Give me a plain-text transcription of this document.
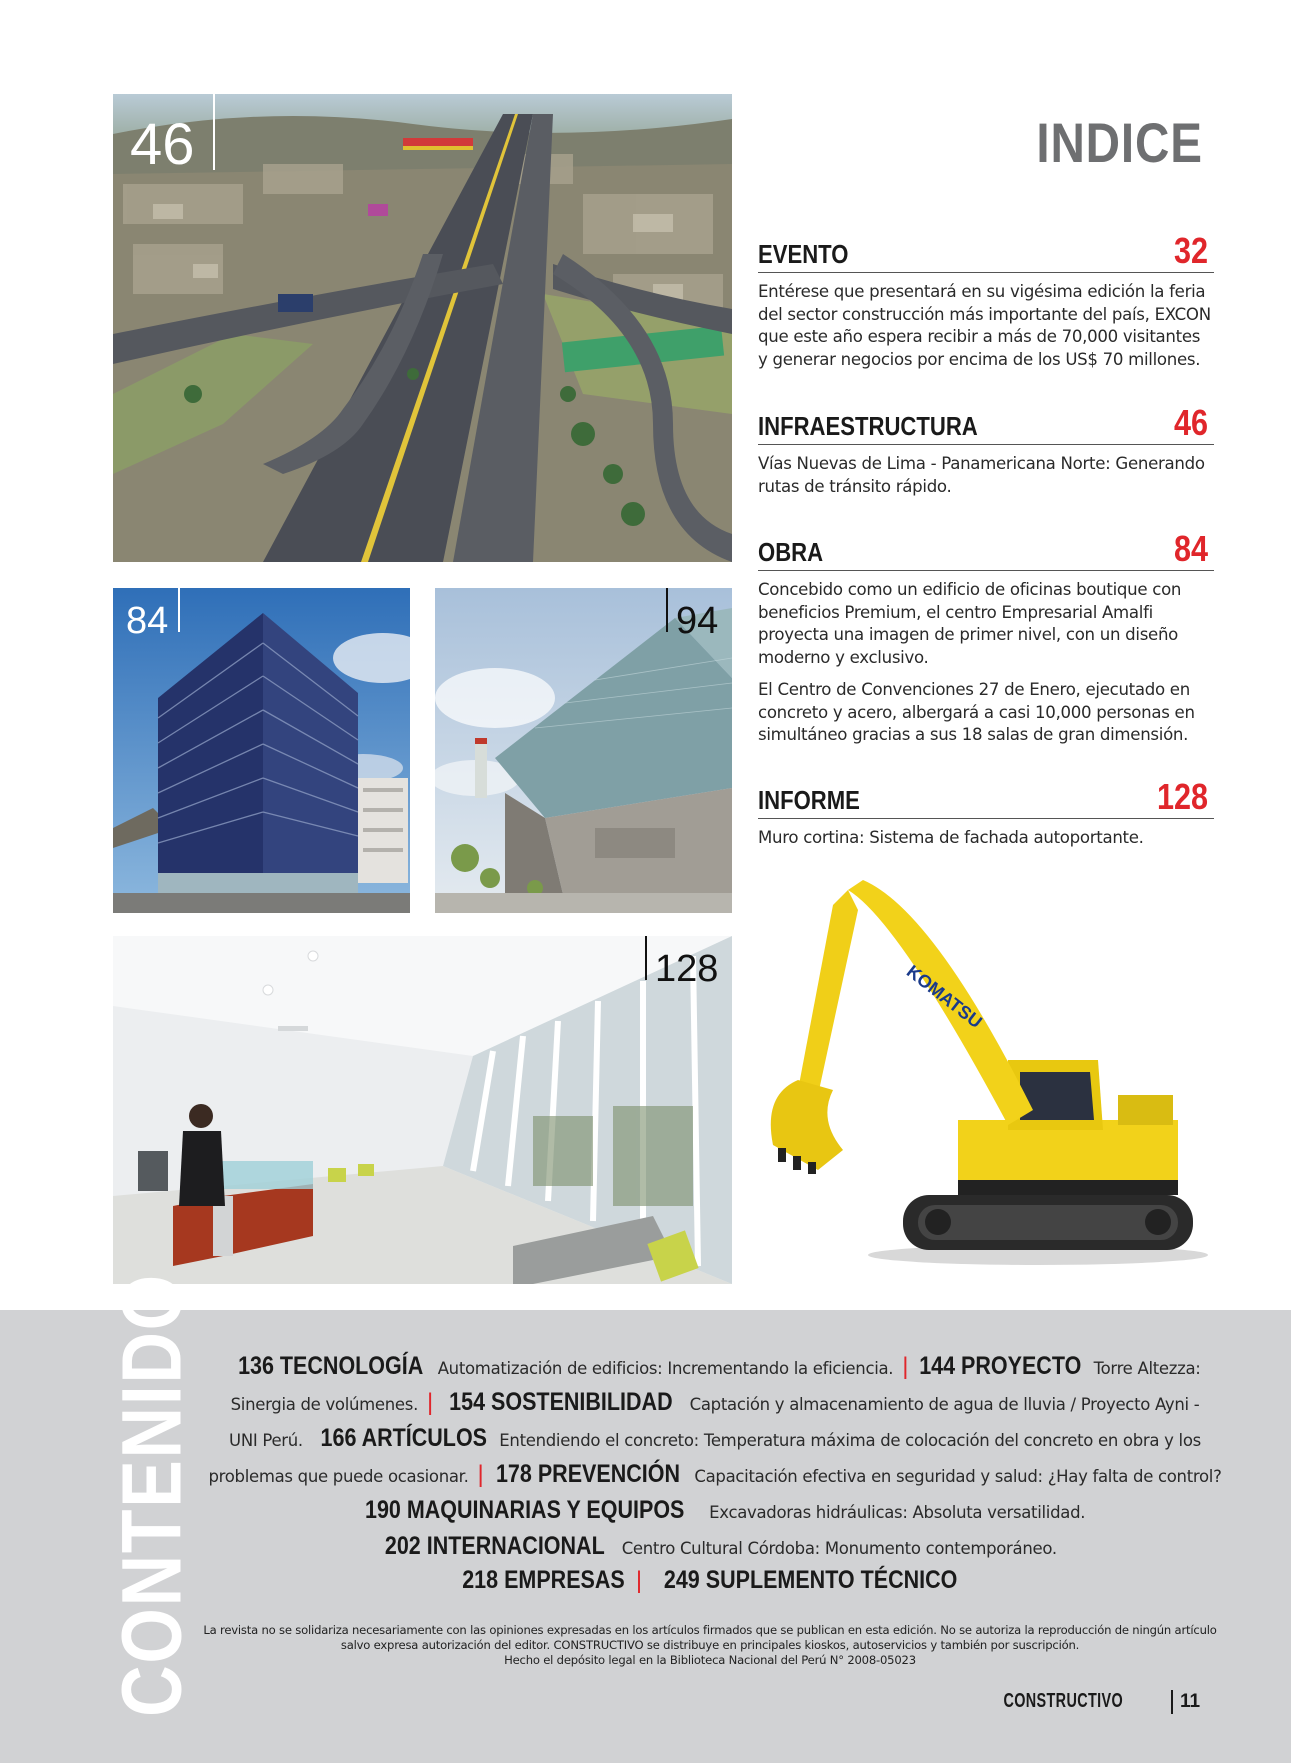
46
84	94
128	KOMATSU
INDICE
EVENTO	32

Entérese que presentará en su vigésima edición la feria del sector construcción más importante del país, EXCON que este año espera recibir a más de 70,000 visitantes y generar negocios por encima de los US$ 70 millones.

INFRAESTRUCTURA	46

Vías Nuevas de Lima - Panamericana Norte: Generando rutas de tránsito rápido.

OBRA	84

Concebido como un edificio de oficinas boutique con beneficios Premium, el centro Empresarial Amalfi proyecta una imagen de primer nivel, con un diseño moderno y exclusivo.

El Centro de Convenciones 27 de Enero, ejecutado en concreto y acero, albergará a casi 10,000 personas en simultáneo gracias a sus 18 salas de gran dimensión.

INFORME	128

Muro cortina: Sistema de fachada autoportante.

CONTENIDO	136 TECNOLOGÍA Automatización de edificios: Incrementando la eficiencia. | 144 PROYECTO Torre Altezza:
Sinergia de volúmenes. | 154 SOSTENIBILIDAD Captación y almacenamiento de agua de lluvia / Proyecto Ayni -
UNI Perú.  166 ARTÍCULOS Entendiendo el concreto: Temperatura máxima de colocación del concreto en obra y los
problemas que puede ocasionar. | 178 PREVENCIÓN Capacitación efectiva en seguridad y salud: ¿Hay falta de control?
190 MAQUINARIAS Y EQUIPOS Excavadoras hidráulicas: Absoluta versatilidad.
202 INTERNACIONAL Centro Cultural Córdoba: Monumento contemporáneo.
218 EMPRESAS | 249 SUPLEMENTO TÉCNICO
La revista no se solidariza necesariamente con las opiniones expresadas en los artículos firmados que se publican en esta edición. No se autoriza la reproducción de ningún artículo
salvo expresa autorización del editor. CONSTRUCTIVO se distribuye en principales kioskos, autoservicios y también por suscripción.
Hecho el depósito legal en la Biblioteca Nacional del Perú N° 2008-05023
CONSTRUCTIVO	11
